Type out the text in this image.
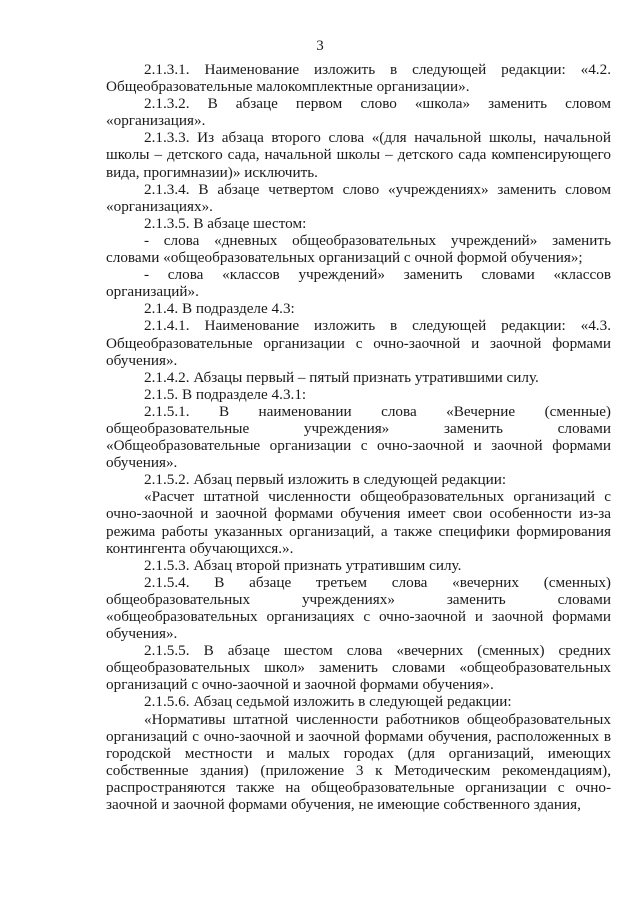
3

2.1.3.1. Наименование изложить в следующей редакции: «4.2. Общеобразовательные малокомплектные организации».

2.1.3.2. В абзаце первом слово «школа» заменить словом «организация».

2.1.3.3. Из абзаца второго слова «(для начальной школы, начальной школы – детского сада, начальной школы – детского сада компенсирующего вида, прогимназии)» исключить.

2.1.3.4. В абзаце четвертом слово «учреждениях» заменить словом «организациях».

2.1.3.5. В абзаце шестом:

- слова «дневных общеобразовательных учреждений» заменить словами «общеобразовательных организаций с очной формой обучения»;

- слова «классов учреждений» заменить словами «классов организаций».

2.1.4. В подразделе 4.3:

2.1.4.1. Наименование изложить в следующей редакции: «4.3. Общеобразовательные организации с очно-заочной и заочной формами обучения».

2.1.4.2. Абзацы первый – пятый признать утратившими силу.

2.1.5. В подразделе 4.3.1:

2.1.5.1. В наименовании слова «Вечерние (сменные) общеобразовательные учреждения» заменить словами «Общеобразовательные организации с очно-заочной и заочной формами обучения».

2.1.5.2. Абзац первый изложить в следующей редакции:

«Расчет штатной численности общеобразовательных организаций с очно-заочной и заочной формами обучения имеет свои особенности из-за режима работы указанных организаций, а также специфики формирования контингента обучающихся.».

2.1.5.3. Абзац второй признать утратившим силу.

2.1.5.4. В абзаце третьем слова «вечерних (сменных) общеобразовательных учреждениях» заменить словами «общеобразовательных организациях с очно-заочной и заочной формами обучения».

2.1.5.5. В абзаце шестом слова «вечерних (сменных) средних общеобразовательных школ» заменить словами «общеобразовательных организаций с очно-заочной и заочной формами обучения».

2.1.5.6. Абзац седьмой изложить в следующей редакции:

«Нормативы штатной численности работников общеобразовательных организаций с очно-заочной и заочной формами обучения, расположенных в городской местности и малых городах (для организаций, имеющих собственные здания) (приложение 3 к Методическим рекомендациям), распространяются также на общеобразовательные организации с очно-заочной и заочной формами обучения, не имеющие собственного здания,
